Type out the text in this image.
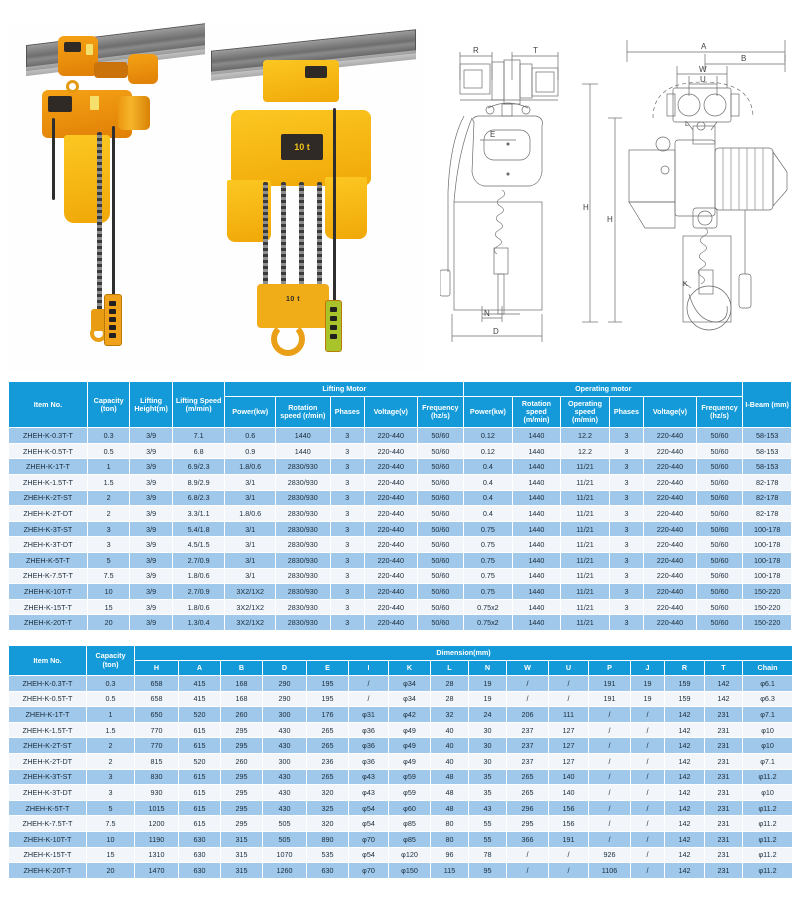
10 t
10 t
R	T
E
N
D
H
A
B
W
U
L
K
H
Item No.	Capacity (ton)	Lifting Height(m)	Lifting Speed (m/min)	Lifting Motor					Operating motor						I-Beam (mm)
				Power(kw)	Rotation speed (r/min)	Phases	Voltage(v)	Frequency (hz/s)	Power(kw)	Rotation speed (m/min)	Operating speed (m/min)	Phases	Voltage(v)	Frequency (hz/s)	
ZHEH-K-0.3T-T	0.3	3/9	7.1	0.6	1440	3	220-440	50/60	0.12	1440	12.2	3	220-440	50/60	58-153
ZHEH-K-0.5T-T	0.5	3/9	6.8	0.9	1440	3	220-440	50/60	0.12	1440	12.2	3	220-440	50/60	58-153
ZHEH-K-1T-T	1	3/9	6.9/2.3	1.8/0.6	2830/930	3	220-440	50/60	0.4	1440	11/21	3	220-440	50/60	58-153
ZHEH-K-1.5T-T	1.5	3/9	8.9/2.9	3/1	2830/930	3	220-440	50/60	0.4	1440	11/21	3	220-440	50/60	82-178
ZHEH-K-2T-ST	2	3/9	6.8/2.3	3/1	2830/930	3	220-440	50/60	0.4	1440	11/21	3	220-440	50/60	82-178
ZHEH-K-2T-DT	2	3/9	3.3/1.1	1.8/0.6	2830/930	3	220-440	50/60	0.4	1440	11/21	3	220-440	50/60	82-178
ZHEH-K-3T-ST	3	3/9	5.4/1.8	3/1	2830/930	3	220-440	50/60	0.75	1440	11/21	3	220-440	50/60	100-178
ZHEH-K-3T-DT	3	3/9	4.5/1.5	3/1	2830/930	3	220-440	50/60	0.75	1440	11/21	3	220-440	50/60	100-178
ZHEH-K-5T-T	5	3/9	2.7/0.9	3/1	2830/930	3	220-440	50/60	0.75	1440	11/21	3	220-440	50/60	100-178
ZHEH-K-7.5T-T	7.5	3/9	1.8/0.6	3/1	2830/930	3	220-440	50/60	0.75	1440	11/21	3	220-440	50/60	100-178
ZHEH-K-10T-T	10	3/9	2.7/0.9	3X2/1X2	2830/930	3	220-440	50/60	0.75	1440	11/21	3	220-440	50/60	150-220
ZHEH-K-15T-T	15	3/9	1.8/0.6	3X2/1X2	2830/930	3	220-440	50/60	0.75x2	1440	11/21	3	220-440	50/60	150-220
ZHEH-K-20T-T	20	3/9	1.3/0.4	3X2/1X2	2830/930	3	220-440	50/60	0.75x2	1440	11/21	3	220-440	50/60	150-220
Item No.	Capacity (ton)	Dimension(mm)															
		H	A	B	D	E	I	K	L	N	W	U	P	J	R	T	Chain
ZHEH-K-0.3T-T	0.3	658	415	168	290	195	/	φ34	28	19	/	/	191	19	159	142	φ6.1
ZHEH-K-0.5T-T	0.5	658	415	168	290	195	/	φ34	28	19	/	/	191	19	159	142	φ6.3
ZHEH-K-1T-T	1	650	520	260	300	176	φ31	φ42	32	24	206	111	/	/	142	231	φ7.1
ZHEH-K-1.5T-T	1.5	770	615	295	430	265	φ36	φ49	40	30	237	127	/	/	142	231	φ10
ZHEH-K-2T-ST	2	770	615	295	430	265	φ36	φ49	40	30	237	127	/	/	142	231	φ10
ZHEH-K-2T-DT	2	815	520	260	300	236	φ36	φ49	40	30	237	127	/	/	142	231	φ7.1
ZHEH-K-3T-ST	3	830	615	295	430	265	φ43	φ59	48	35	265	140	/	/	142	231	φ11.2
ZHEH-K-3T-DT	3	930	615	295	430	320	φ43	φ59	48	35	265	140	/	/	142	231	φ10
ZHEH-K-5T-T	5	1015	615	295	430	325	φ54	φ60	48	43	296	156	/	/	142	231	φ11.2
ZHEH-K-7.5T-T	7.5	1200	615	295	505	320	φ54	φ85	80	55	295	156	/	/	142	231	φ11.2
ZHEH-K-10T-T	10	1190	630	315	505	890	φ70	φ85	80	55	366	191	/	/	142	231	φ11.2
ZHEH-K-15T-T	15	1310	630	315	1070	535	φ54	φ120	96	78	/	/	926	/	142	231	φ11.2
ZHEH-K-20T-T	20	1470	630	315	1260	630	φ70	φ150	115	95	/	/	1106	/	142	231	φ11.2
